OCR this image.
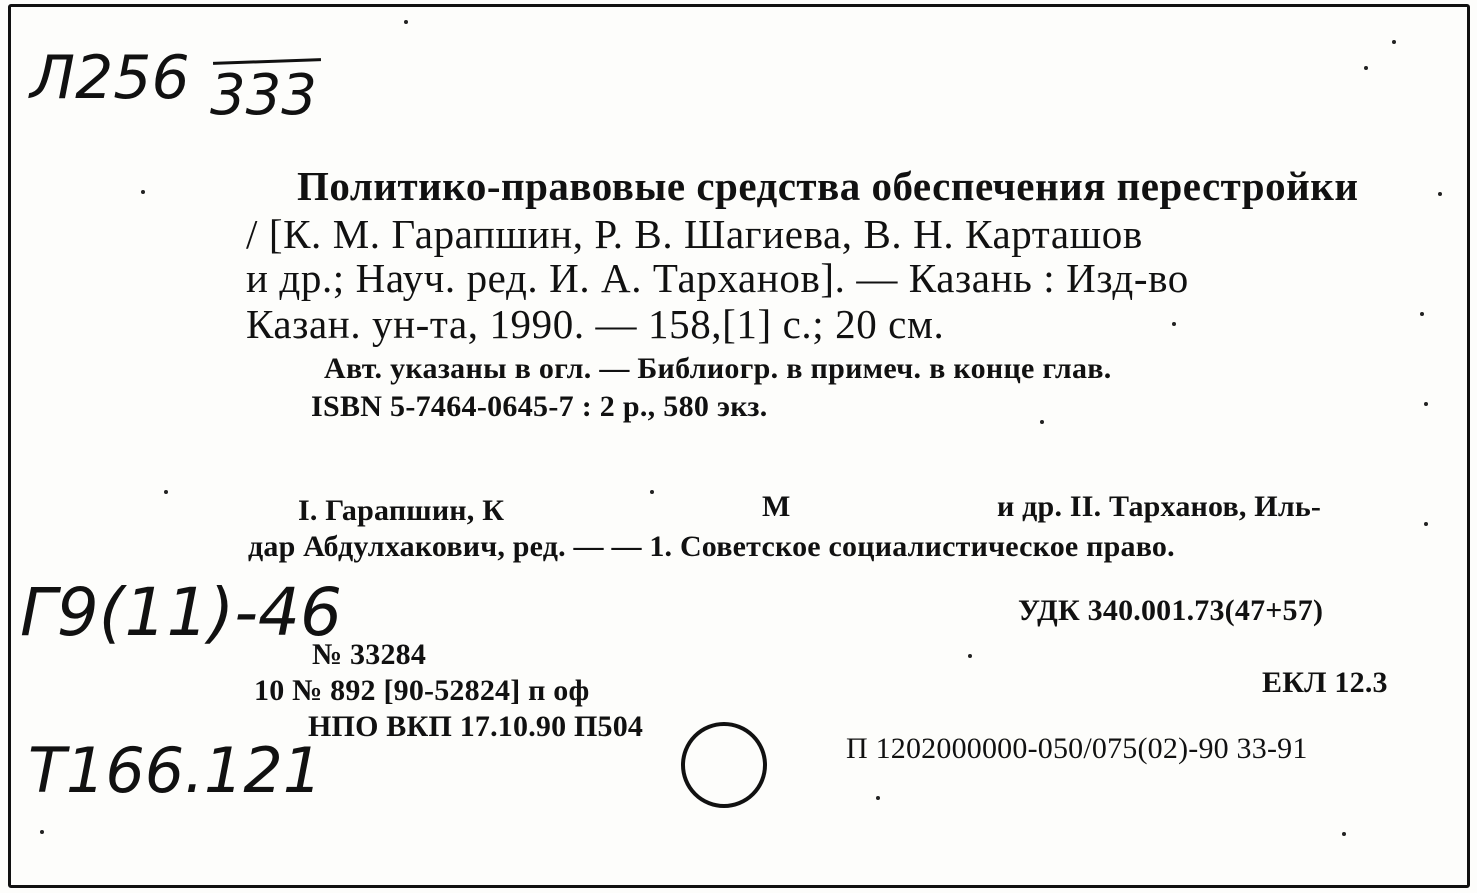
Л256 333
Политико-правовые средства обеспечения перестройки
/ [К. М. Гарапшин, Р. В. Шагиева, В. Н. Карташов
и др.; Науч. ред. И. А. Тарханов]. — Казань : Изд-во
Казан. ун-та, 1990. — 158,[1] с.; 20 см.
Авт. указаны в огл. — Библиогр. в примеч. в конце глав.
ISBN 5-7464-0645-7 : 2 р., 580 экз.
I. Гарапшин, К	М	и др. II. Тарханов, Иль-
дар Абдулхакович, ред. — — 1. Советское социалистическое право.
Г9(11)-46	УДК 340.001.73(47+57)
ЕКЛ 12.3
П 1202000000-050/075(02)-90 33-91
№ 33284
10 № 892 [90-52824] п оф
НПО ВКП 17.10.90 П504
Т166.121
